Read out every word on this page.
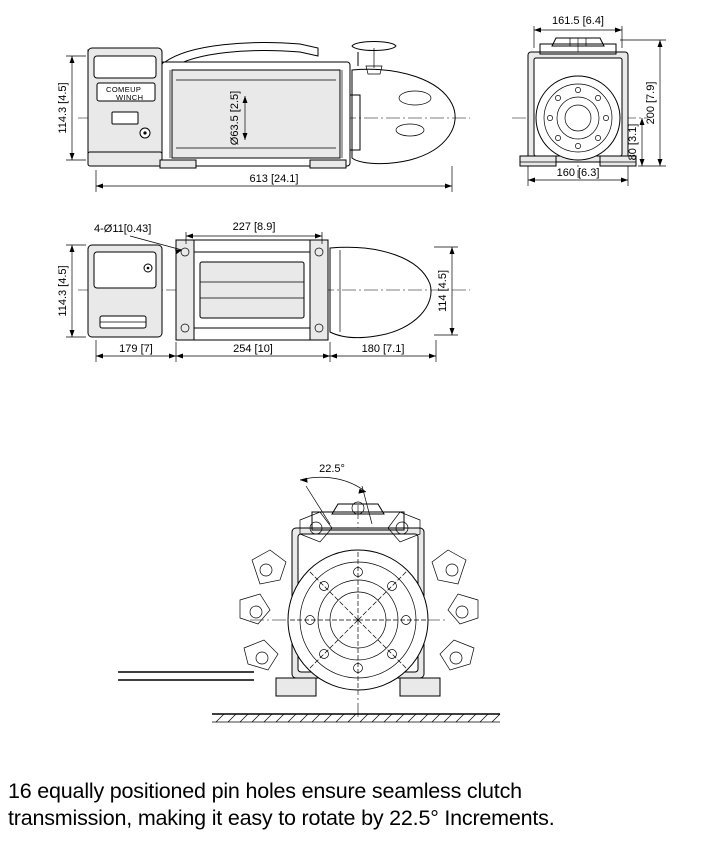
COMEUP
WINCH
114.3 [4.5]	Ø63.5 [2.5]
613 [24.1]
161.5 [6.4]
200 [7.9]
80 [3.1]
160 [6.3]
4-Ø11[0.43]	227 [8.9]
114.3 [4.5]	114 [4.5]
179 [7]	254 [10]	180 [7.1]
22.5°
16 equally positioned pin holes ensure seamless clutch
transmission, making it easy to rotate by 22.5° Increments.
